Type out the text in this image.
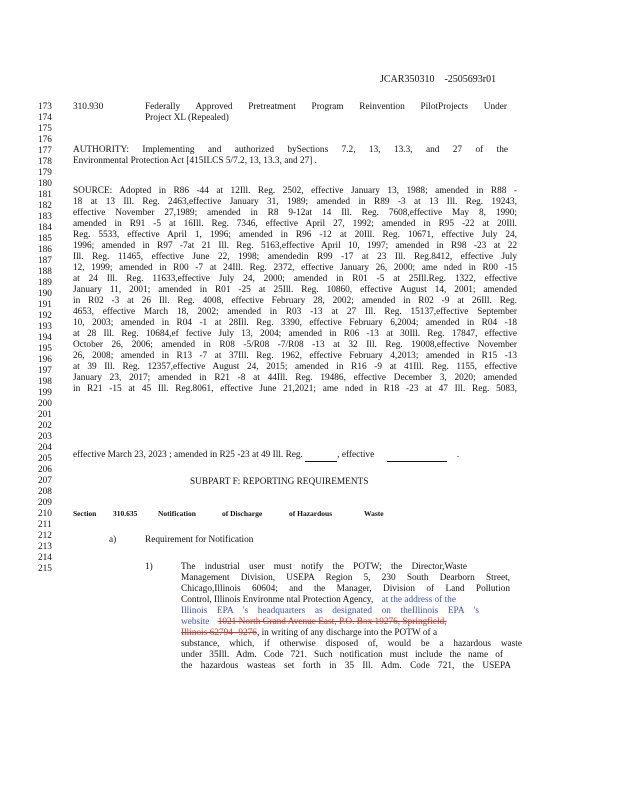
JCAR350310    -2505693r01
173
174
175
176
177
178
179
180
181
182
183
184
185
186
187
188
189
190
191
192
193
194
195
196
197
198
199
200
201
202
203
204
205
206
207
208
209
210
211
212
213
214
215
310.930	Federally Approved Pretreatment Program Reinvention PilotProjects Under
Project XL (Repealed)
AUTHORITY: Implementing and authorized bySections 7.2, 13, 13.3, and 27 of the
Environmental Protection Act [415ILCS 5/7.2, 13, 13.3, and 27] .
SOURCE: Adopted in R86 -44 at 12Ill. Reg. 2502, effective January 13, 1988; amended in R88 -
18 at 13 Ill. Reg. 2463,effective January 31, 1989; amended in R89 -3 at 13 Ill. Reg. 19243,
effective November 27,1989; amended in R8 9-12at 14 Ill. Reg. 7608,effective May 8, 1990;
amended in R91 -5 at 16Ill. Reg. 7346, effective April 27, 1992; amended in R95 -22 at 20Ill.
Reg. 5533, effective April 1, 1996; amended in R96 -12 at 20Ill. Reg. 10671, effective July 24,
1996; amended in R97 -7at 21 Ill. Reg. 5163,effective April 10, 1997; amended in R98 -23 at 22
Ill. Reg. 11465, effective June 22, 1998; amendedin R99 -17 at 23 Ill. Reg.8412, effective July
12, 1999; amended in R00 -7 at 24Ill. Reg. 2372, effective January 26, 2000; ame nded in R00 -15
at 24 Ill. Reg. 11633,effective July 24, 2000; amended in R01 -5 at 25Ill.Reg. 1322, effective
January 11, 2001; amended in R01 -25 at 25Ill. Reg. 10860, effective August 14, 2001; amended
in R02 -3 at 26 Ill. Reg. 4008, effective February 28, 2002; amended in R02 -9 at 26Ill. Reg.
4653, effective March 18, 2002; amended in R03 -13 at 27 Ill. Reg. 15137,effective September
10, 2003; amended in R04 -1 at 28Ill. Reg. 3390, effective February 6,2004; amended in R04 -18
at 28 Ill. Reg. 10684,ef fective July 13, 2004; amended in R06 -13 at 30Ill. Reg. 17847, effective
October 26, 2006; amended in R08 -5/R08 -7/R08 -13 at 32 Ill. Reg. 19008,effective November
26, 2008; amended in R13 -7 at 37Ill. Reg. 1962, effective February 4,2013; amended in R15 -13
at 39 Ill. Reg. 12357,effective August 24, 2015; amended in R16 -9 at 41Ill. Reg. 1155, effective
January 23, 2017; amended in R21 -8 at 44Ill. Reg. 19486, effective December 3, 2020; amended
in R21 -15 at 45 Ill. Reg.8061, effective June 21,2021; ame nded in R18 -23 at 47 Ill. Reg. 5083,
effective March 23, 2023 ; amended in R25 -23 at 49 Ill. Reg.	, effective	.
SUBPART F: REPORTING REQUIREMENTS
Section 310.635	Notification	of Discharge	of Hazardous	Waste
a)	Requirement for Notification
1)	The industrial user must notify the POTW; the Director,Waste
Management Division, USEPA Region 5, 230 South Dearborn Street,
Chicago,Illinois 60604; and the Manager, Division of Land Pollution
Control, Illinois Environme ntal Protection Agency, at the address of the
Illinois EPA 's headquarters as designated on theIllinois EPA 's
website 1021 North Grand Avenue East, P.O. Box 19276, Springfield,
Illinois 62794 -9276, in writing of any discharge into the POTW of a
substance, which, if otherwise disposed of, would be a hazardous waste
under 35Ill. Adm. Code 721. Such notification must include the name of
the hazardous wasteas set forth in 35 Ill. Adm. Code 721, the USEPA
